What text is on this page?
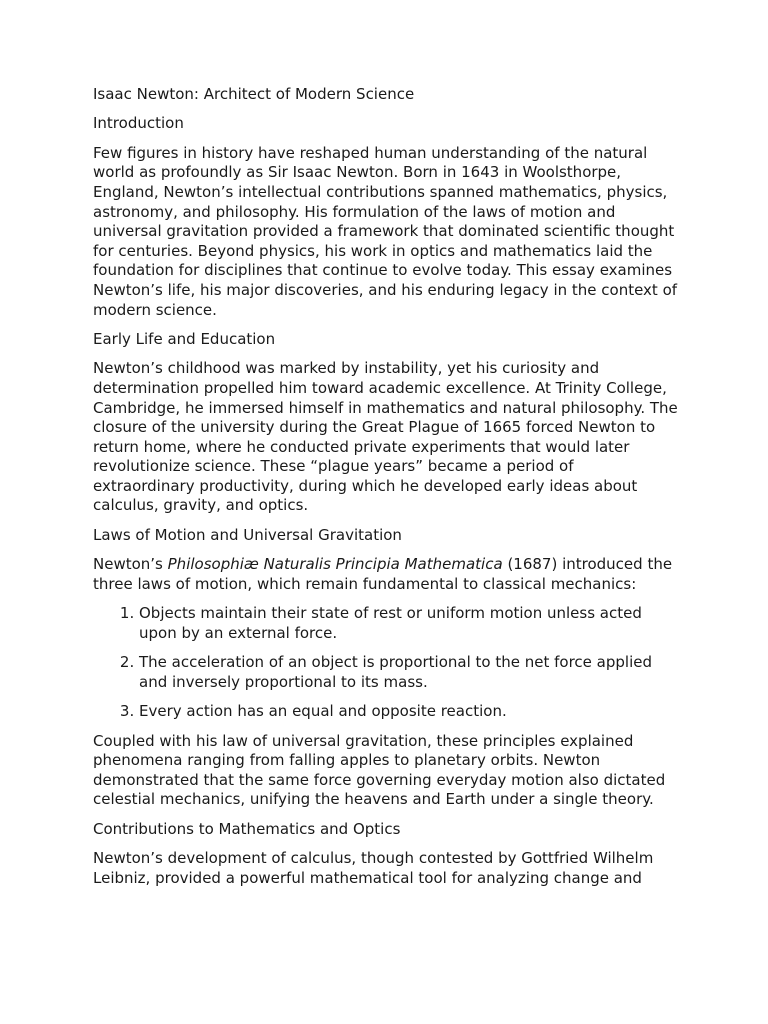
Isaac Newton: Architect of Modern Science

Introduction

Few figures in history have reshaped human understanding of the natural world as profoundly as Sir Isaac Newton. Born in 1643 in Woolsthorpe, England, Newton’s intellectual contributions spanned mathematics, physics, astronomy, and philosophy. His formulation of the laws of motion and universal gravitation provided a framework that dominated scientific thought for centuries. Beyond physics, his work in optics and mathematics laid the foundation for disciplines that continue to evolve today. This essay examines Newton’s life, his major discoveries, and his enduring legacy in the context of modern science.

Early Life and Education

Newton’s childhood was marked by instability, yet his curiosity and determination propelled him toward academic excellence. At Trinity College, Cambridge, he immersed himself in mathematics and natural philosophy. The closure of the university during the Great Plague of 1665 forced Newton to return home, where he conducted private experiments that would later revolutionize science. These “plague years” became a period of extraordinary productivity, during which he developed early ideas about calculus, gravity, and optics.

Laws of Motion and Universal Gravitation

Newton’s Philosophiæ Naturalis Principia Mathematica (1687) introduced the three laws of motion, which remain fundamental to classical mechanics:

1. Objects maintain their state of rest or uniform motion unless acted upon by an external force.
2. The acceleration of an object is proportional to the net force applied and inversely proportional to its mass.
3. Every action has an equal and opposite reaction.

Coupled with his law of universal gravitation, these principles explained phenomena ranging from falling apples to planetary orbits. Newton demonstrated that the same force governing everyday motion also dictated celestial mechanics, unifying the heavens and Earth under a single theory.

Contributions to Mathematics and Optics

Newton’s development of calculus, though contested by Gottfried Wilhelm Leibniz, provided a powerful mathematical tool for analyzing change and
